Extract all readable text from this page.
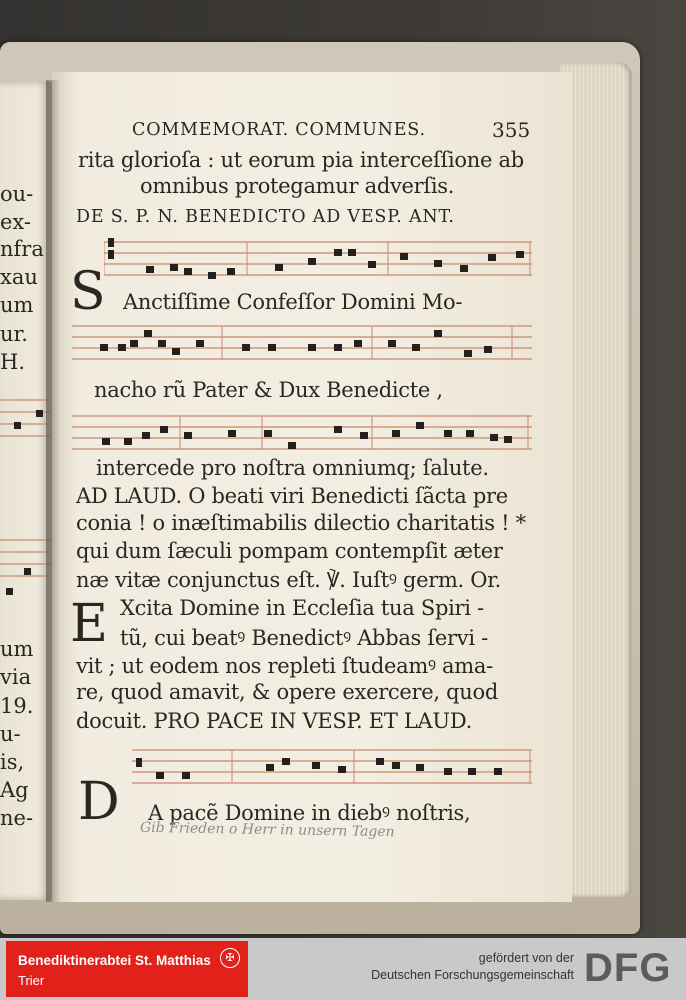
ou-
ex-
nfra
xau
um
ur.
H.
um
via
19.
u-
is,
Ag
ne-
COMMEMORAT. COMMUNES.	355
rita glorioſa : ut eorum pia interceſſione ab
omnibus protegamur adverſis.
DE S. P. N. BENEDICTO AD VESP. ANT.
S Anctiſſime Confeſſor Domini Mo-
nacho rũ Pater & Dux Benedicte ,
intercede pro noſtra omniumq; ſalute.
AD LAUD. O beati viri Benedicti ſãcta pre
conia ! o inæſtimabilis dilectio charitatis ! *
qui dum ſæculi pompam contempſit æter
næ vitæ conjunctus eſt. ℣. Iuſtꝰ germ. Or.
E Xcita Domine in Eccleſia tua Spiri -
tũ, cui beatꝰ Benedictꝰ Abbas ſervi -
vit ; ut eodem nos repleti ſtudeamꝰ ama-
re, quod amavit, & opere exercere, quod
docuit. PRO PACE IN VESP. ET LAUD.
D A pacẽ Domine in diebꝰ noſtris,
Gib Frieden o Herr in unsern Tagen
Benediktinerabtei St. Matthias
Trier
✠	gefördert von der
Deutschen Forschungsgemeinschaft DFG
